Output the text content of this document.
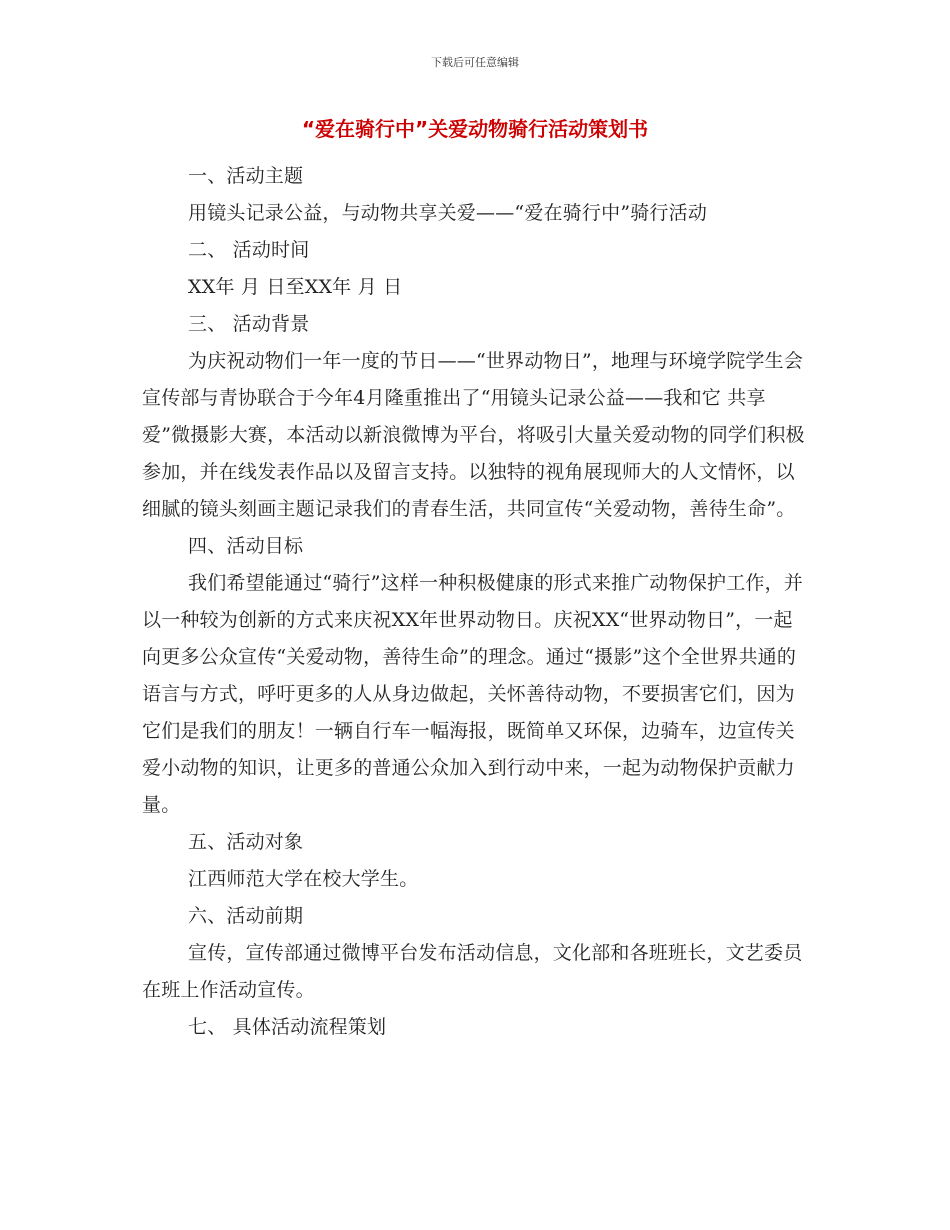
下载后可任意编辑
“爱在骑行中”关爱动物骑行活动策划书

一、活动主题

用镜头记录公益，与动物共享关爱——“爱在骑行中”骑行活动

二、 活动时间

XX年 月 日至XX年 月 日

三、 活动背景

为庆祝动物们一年一度的节日——“世界动物日”，地理与环境学院学生会宣传部与青协联合于今年4月隆重推出了“用镜头记录公益——我和它 共享爱”微摄影大赛，本活动以新浪微博为平台，将吸引大量关爱动物的同学们积极参加，并在线发表作品以及留言支持。以独特的视角展现师大的人文情怀，以细腻的镜头刻画主题记录我们的青春生活，共同宣传“关爱动物，善待生命”。

四、活动目标

我们希望能通过“骑行”这样一种积极健康的形式来推广动物保护工作，并以一种较为创新的方式来庆祝XX年世界动物日。庆祝XX“世界动物日”，一起向更多公众宣传“关爱动物，善待生命”的理念。通过“摄影”这个全世界共通的语言与方式，呼吁更多的人从身边做起，关怀善待动物，不要损害它们，因为它们是我们的朋友！一辆自行车一幅海报，既简单又环保，边骑车，边宣传关爱小动物的知识，让更多的普通公众加入到行动中来，一起为动物保护贡献力量。

五、活动对象

江西师范大学在校大学生。

六、活动前期

宣传，宣传部通过微博平台发布活动信息，文化部和各班班长，文艺委员在班上作活动宣传。

七、 具体活动流程策划
